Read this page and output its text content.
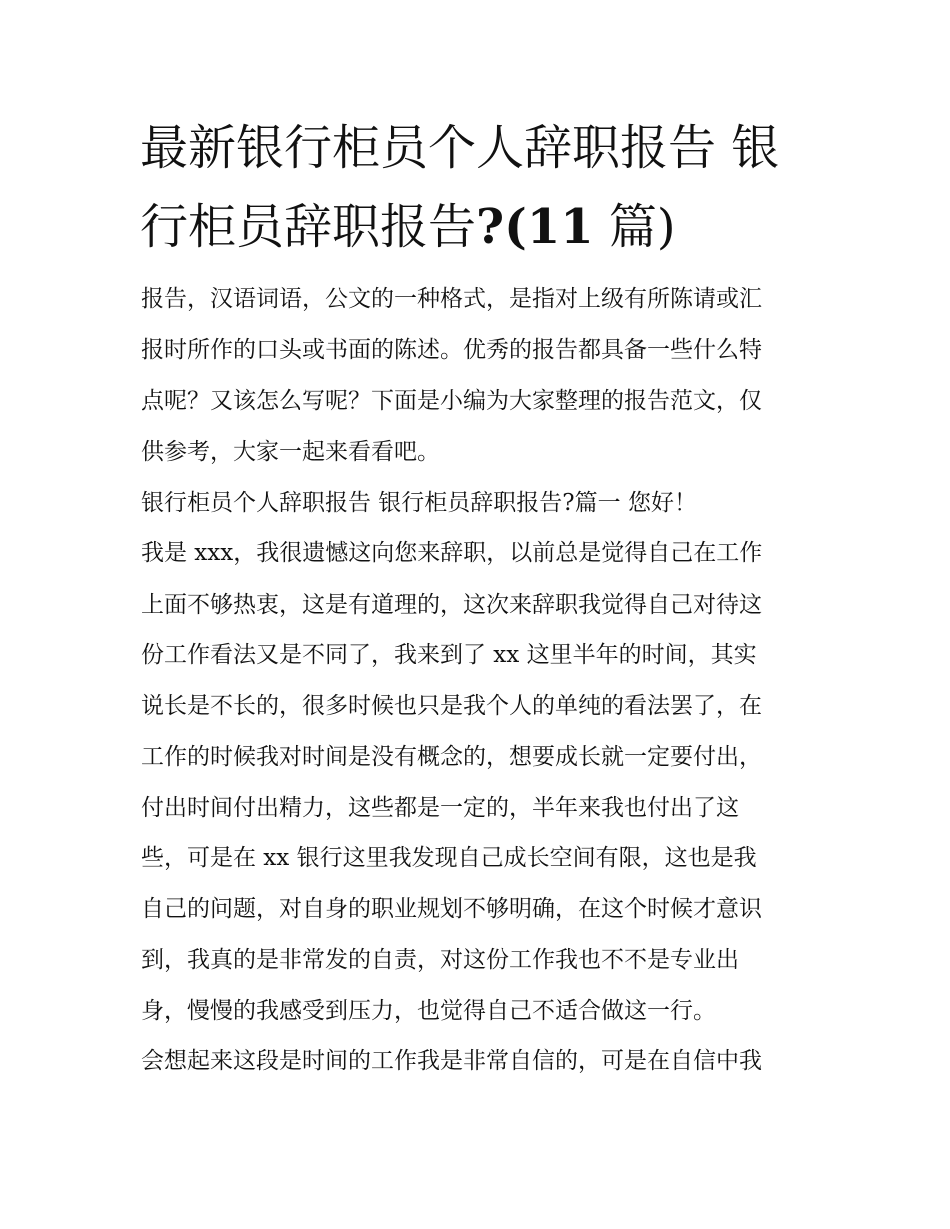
最新银行柜员个人辞职报告 银
行柜员辞职报告?(11 篇)

报告，汉语词语，公文的一种格式，是指对上级有所陈请或汇

报时所作的口头或书面的陈述。优秀的报告都具备一些什么特

点呢？又该怎么写呢？下面是小编为大家整理的报告范文，仅

供参考，大家一起来看看吧。

银行柜员个人辞职报告 银行柜员辞职报告?篇一 您好！

我是 xxx，我很遗憾这向您来辞职，以前总是觉得自己在工作

上面不够热衷，这是有道理的，这次来辞职我觉得自己对待这

份工作看法又是不同了，我来到了 xx 这里半年的时间，其实

说长是不长的，很多时候也只是我个人的单纯的看法罢了，在

工作的时候我对时间是没有概念的，想要成长就一定要付出，

付出时间付出精力，这些都是一定的，半年来我也付出了这

些，可是在 xx 银行这里我发现自己成长空间有限，这也是我

自己的问题，对自身的职业规划不够明确，在这个时候才意识

到，我真的是非常发的自责，对这份工作我也不不是专业出

身，慢慢的我感受到压力，也觉得自己不适合做这一行。

会想起来这段是时间的工作我是非常自信的，可是在自信中我
